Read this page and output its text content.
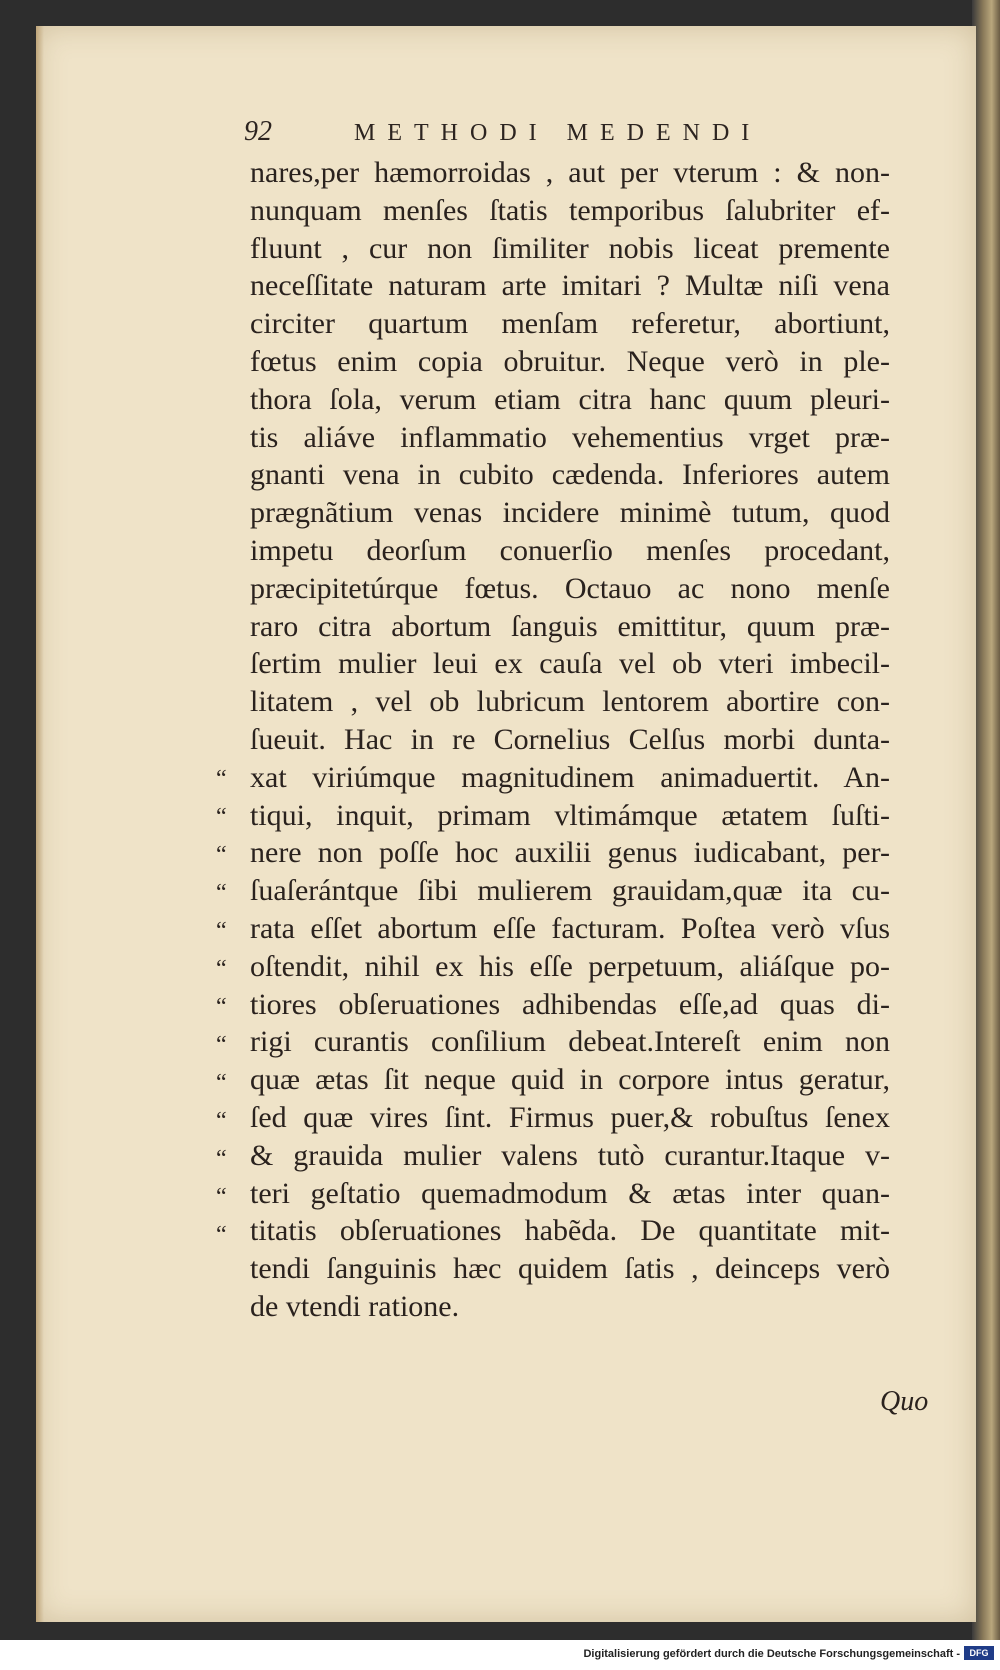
92	METHODI MEDENDI
nares,per hæmorroidas , aut per vterum : & non-
nunquam menſes ſtatis temporibus ſalubriter ef-
fluunt , cur non ſimiliter nobis liceat premente
neceſſitate naturam arte imitari ? Multæ niſi vena
circiter quartum menſam referetur, abortiunt,
fœtus enim copia obruitur. Neque verò in ple-
thora ſola, verum etiam citra hanc quum pleuri-
tis aliáve inflammatio vehementius vrget præ-
gnanti vena in cubito cædenda. Inferiores autem
prægnãtium venas incidere minimè tutum, quod
impetu deorſum conuerſio menſes procedant,
præcipitetúrque fœtus. Octauo ac nono menſe
raro citra abortum ſanguis emittitur, quum præ-
ſertim mulier leui ex cauſa vel ob vteri imbecil-
litatem , vel ob lubricum lentorem abortire con-
ſueuit. Hac in re Cornelius Celſus morbi dunta-
xat viriúmque magnitudinem animaduertit. An-
tiqui, inquit, primam vltimámque ætatem ſuſti-
nere non poſſe hoc auxilii genus iudicabant, per-
ſuaſerántque ſibi mulierem grauidam,quæ ita cu-
rata eſſet abortum eſſe facturam. Poſtea verò vſus
oſtendit, nihil ex his eſſe perpetuum, aliáſque po-
tiores obſeruationes adhibendas eſſe,ad quas di-
rigi curantis conſilium debeat.Intereſt enim non
quæ ætas ſit neque quid in corpore intus geratur,
ſed quæ vires ſint. Firmus puer,& robuſtus ſenex
& grauida mulier valens tutò curantur.Itaque v-
teri geſtatio quemadmodum & ætas inter quan-
titatis obſeruationes habẽda. De quantitate mit-
tendi ſanguinis hæc quidem ſatis , deinceps verò
de vtendi ratione.
“
“
“
“
“
“
“
“
“
“
“
“
“
Quo
Digitalisierung gefördert durch die Deutsche Forschungsgemeinschaft -	DFG
